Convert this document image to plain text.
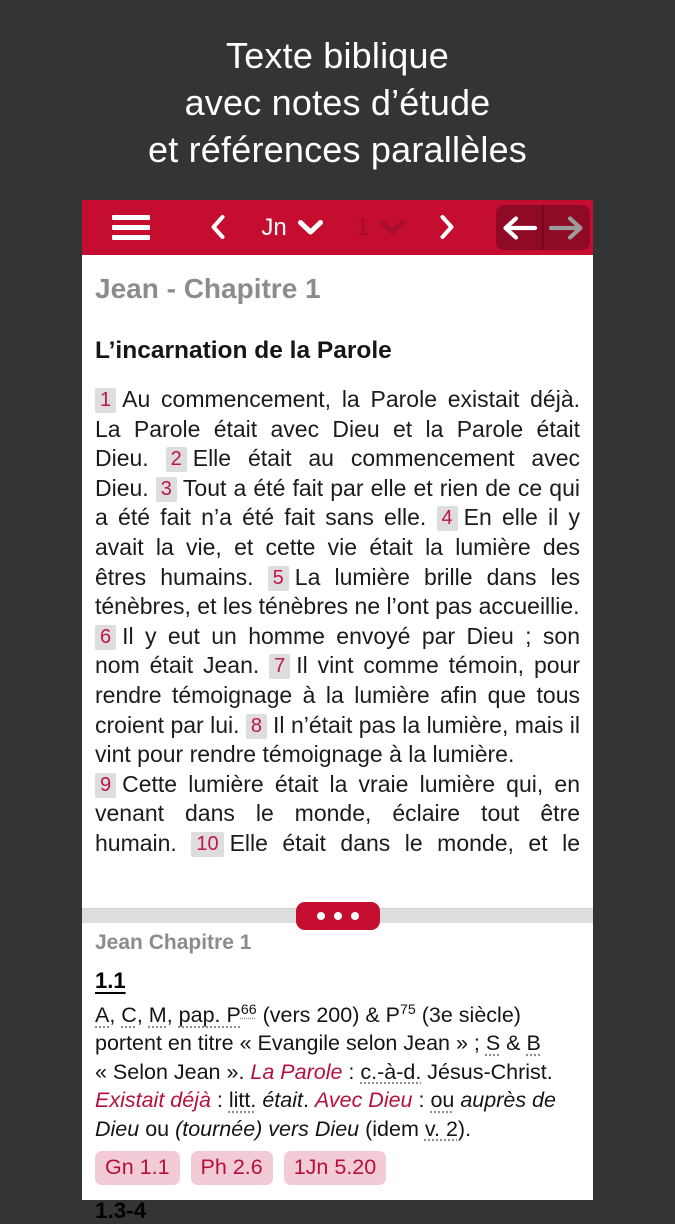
Texte biblique
avec notes d’étude
et références parallèles
Jn	1
Jean - Chapitre 1
L’incarnation de la Parole

1 Au commencement, la Parole existait déjà. La Parole était avec Dieu et la Parole était Dieu. 2 Elle était au commencement avec Dieu. 3 Tout a été fait par elle et rien de ce qui a été fait n’a été fait sans elle. 4 En elle il y avait la vie, et cette vie était la lumière des êtres humains. 5 La lumière brille dans les ténèbres, et les ténèbres ne l’ont pas accueillie.

6 Il y eut un homme envoyé par Dieu ; son nom était Jean. 7 Il vint comme témoin, pour rendre témoignage à la lumière afin que tous croient par lui. 8 Il n’était pas la lumière, mais il vint pour rendre témoignage à la lumière.

9 Cette lumière était la vraie lumière qui, en venant dans le monde, éclaire tout être humain. 10 Elle était dans le monde, et le

Jean Chapitre 1
1.1

A, C, M, pap. $P^{66}$ (vers 200) & $P^{75}$ (3e siècle) portent en titre « Evangile selon Jean » ; S & B « Selon Jean ». La Parole : c.-à-d. Jésus-Christ. Existait déjà : litt. était. Avec Dieu : ou auprès de Dieu ou (tournée) vers Dieu (idem v. 2).

Gn 1.1	Ph 2.6	1Jn 5.20
1.3-4
